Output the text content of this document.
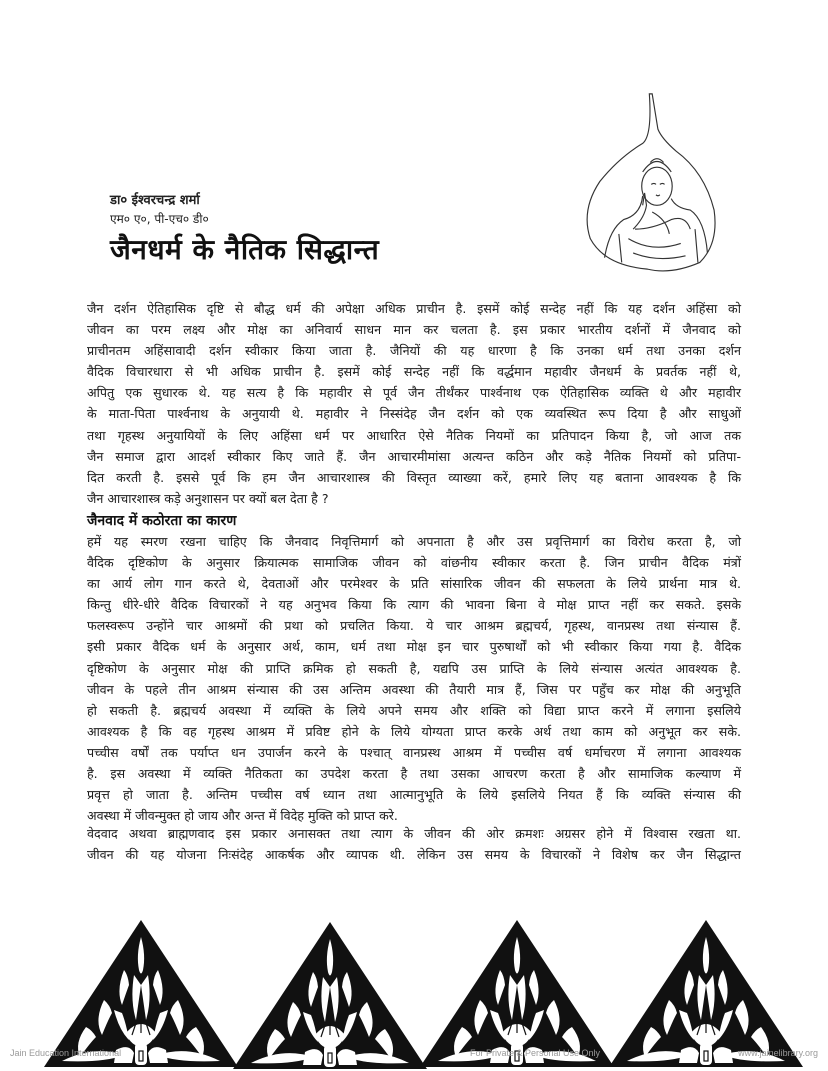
डा० ईश्वरचन्द्र शर्मा
एम० ए०, पी-एच० डी०
जैनधर्म के नैतिक सिद्धान्त
जैन दर्शन ऐतिहासिक दृष्टि से बौद्ध धर्म की अपेक्षा अधिक प्राचीन है. इसमें कोई सन्देह नहीं कि यह दर्शन अहिंसा को
जीवन का परम लक्ष्य और मोक्ष का अनिवार्य साधन मान कर चलता है. इस प्रकार भारतीय दर्शनों में जैनवाद को
प्राचीनतम अहिंसावादी दर्शन स्वीकार किया जाता है. जैनियों की यह धारणा है कि उनका धर्म तथा उनका दर्शन
वैदिक विचारधारा से भी अधिक प्राचीन है. इसमें कोई सन्देह नहीं कि वर्द्धमान महावीर जैनधर्म के प्रवर्तक नहीं थे,
अपितु एक सुधारक थे. यह सत्य है कि महावीर से पूर्व जैन तीर्थंकर पार्श्वनाथ एक ऐतिहासिक व्यक्ति थे और महावीर
के माता-पिता पार्श्वनाथ के अनुयायी थे. महावीर ने निस्संदेह जैन दर्शन को एक व्यवस्थित रूप दिया है और साधुओं
तथा गृहस्थ अनुयायियों के लिए अहिंसा धर्म पर आधारित ऐसे नैतिक नियमों का प्रतिपादन किया है, जो आज तक
जैन समाज द्वारा आदर्श स्वीकार किए जाते हैं. जैन आचारमीमांसा अत्यन्त कठिन और कड़े नैतिक नियमों को प्रतिपा-
दित करती है. इससे पूर्व कि हम जैन आचारशास्त्र की विस्तृत व्याख्या करें, हमारे लिए यह बताना आवश्यक है कि
जैन आचारशास्त्र कड़े अनुशासन पर क्यों बल देता है ?
जैनवाद में कठोरता का कारण
हमें यह स्मरण रखना चाहिए कि जैनवाद निवृत्तिमार्ग को अपनाता है और उस प्रवृत्तिमार्ग का विरोध करता है, जो
वैदिक दृष्टिकोण के अनुसार क्रियात्मक सामाजिक जीवन को वांछनीय स्वीकार करता है. जिन प्राचीन वैदिक मंत्रों
का आर्य लोग गान करते थे, देवताओं और परमेश्वर के प्रति सांसारिक जीवन की सफलता के लिये प्रार्थना मात्र थे.
किन्तु धीरे-धीरे वैदिक विचारकों ने यह अनुभव किया कि त्याग की भावना बिना वे मोक्ष प्राप्त नहीं कर सकते. इसके
फलस्वरूप उन्होंने चार आश्रमों की प्रथा को प्रचलित किया. ये चार आश्रम ब्रह्मचर्य, गृहस्थ, वानप्रस्थ तथा संन्यास हैं.
इसी प्रकार वैदिक धर्म के अनुसार अर्थ, काम, धर्म तथा मोक्ष इन चार पुरुषार्थों को भी स्वीकार किया गया है. वैदिक
दृष्टिकोण के अनुसार मोक्ष की प्राप्ति क्रमिक हो सकती है, यद्यपि उस प्राप्ति के लिये संन्यास अत्यंत आवश्यक है.
जीवन के पहले तीन आश्रम संन्यास की उस अन्तिम अवस्था की तैयारी मात्र हैं, जिस पर पहुँच कर मोक्ष की अनुभूति
हो सकती है. ब्रह्मचर्य अवस्था में व्यक्ति के लिये अपने समय और शक्ति को विद्या प्राप्त करने में लगाना इसलिये
आवश्यक है कि वह गृहस्थ आश्रम में प्रविष्ट होने के लिये योग्यता प्राप्त करके अर्थ तथा काम को अनुभूत कर सके.
पच्चीस वर्षों तक पर्याप्त धन उपार्जन करने के पश्चात् वानप्रस्थ आश्रम में पच्चीस वर्ष धर्माचरण में लगाना आवश्यक
है. इस अवस्था में व्यक्ति नैतिकता का उपदेश करता है तथा उसका आचरण करता है और सामाजिक कल्याण में
प्रवृत्त हो जाता है. अन्तिम पच्चीस वर्ष ध्यान तथा आत्मानुभूति के लिये इसलिये नियत हैं कि व्यक्ति संन्यास की
अवस्था में जीवन्मुक्त हो जाय और अन्त में विदेह मुक्ति को प्राप्त करे.
वेदवाद अथवा ब्राह्मणवाद इस प्रकार अनासक्त तथा त्याग के जीवन की ओर क्रमशः अग्रसर होने में विश्वास रखता था.
जीवन की यह योजना निःसंदेह आकर्षक और व्यापक थी. लेकिन उस समय के विचारकों ने विशेष कर जैन सिद्धान्त
Jain Education International	For Private & Personal Use Only	www.jainelibrary.org
